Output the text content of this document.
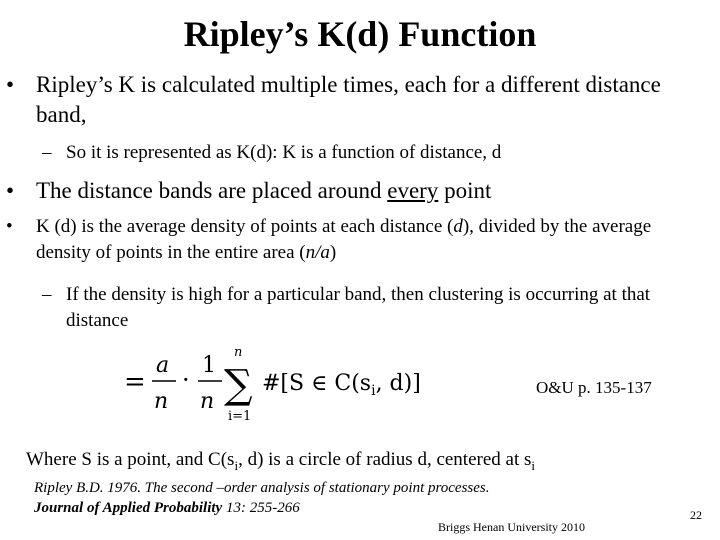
Ripley’s K(d) Function
• Ripley’s K is calculated multiple times, each for a different distance band,
– So it is represented as K(d): K is a function of distance, d
• The distance bands are placed around every point
• K (d) is the average density of points at each distance (d), divided by the average density of points in the entire area (n/a)
– If the density is high for a particular band, then clustering is occurring at that distance
=
a
n
·
1
n
n
∑
i=1
#[S ∈ $C(s_i$, d)]	O&U p. 135-137
Where S is a point, and $C(s_i$, d) is a circle of radius d, centered at $s_i$
Ripley B.D. 1976. The second –order analysis of stationary point processes.
Journal of Applied Probability 13: 255-266	22
Briggs Henan University 2010
